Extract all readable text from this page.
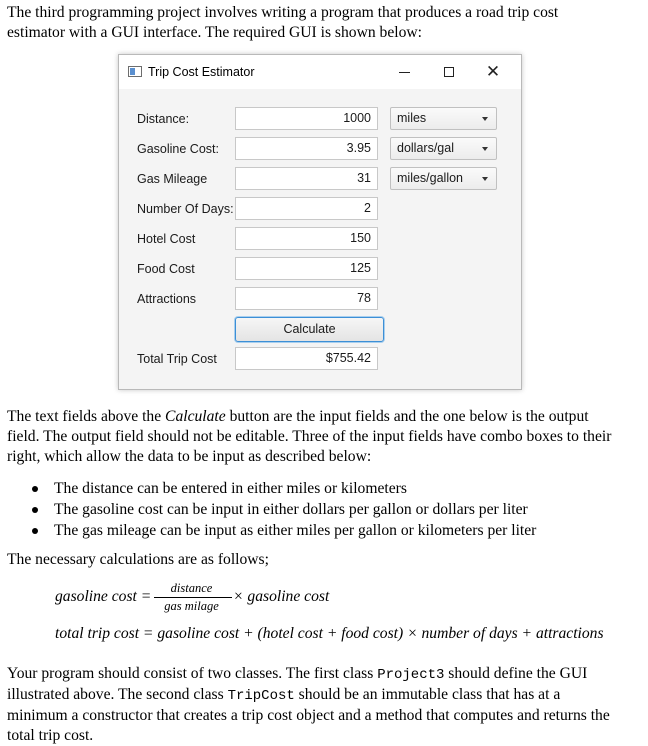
The third programming project involves writing a program that produces a road trip cost
estimator with a GUI interface. The required GUI is shown below:

Trip Cost Estimator	✕
Distance:	1000	miles
Gasoline Cost:	3.95	dollars/gal
Gas Mileage	31	miles/gallon
Number Of Days:	2
Hotel Cost	150
Food Cost	125
Attractions	78
Calculate
Total Trip Cost	$755.42

The text fields above the Calculate button are the input fields and the one below is the output
field. The output field should not be editable. Three of the input fields have combo boxes to their
right, which allow the data to be input as described below:

The distance can be entered in either miles or kilometers
The gasoline cost can be input in either dollars per gallon or dollars per liter
The gas mileage can be input as either miles per gallon or kilometers per liter

The necessary calculations are as follows;

gasoline cost =	distance
gas milage
× gasoline cost
total trip cost = gasoline cost + (hotel cost + food cost) × number of days + attractions

Your program should consist of two classes. The first class Project3 should define the GUI
illustrated above. The second class TripCost should be an immutable class that has at a
minimum a constructor that creates a trip cost object and a method that computes and returns the
total trip cost.
